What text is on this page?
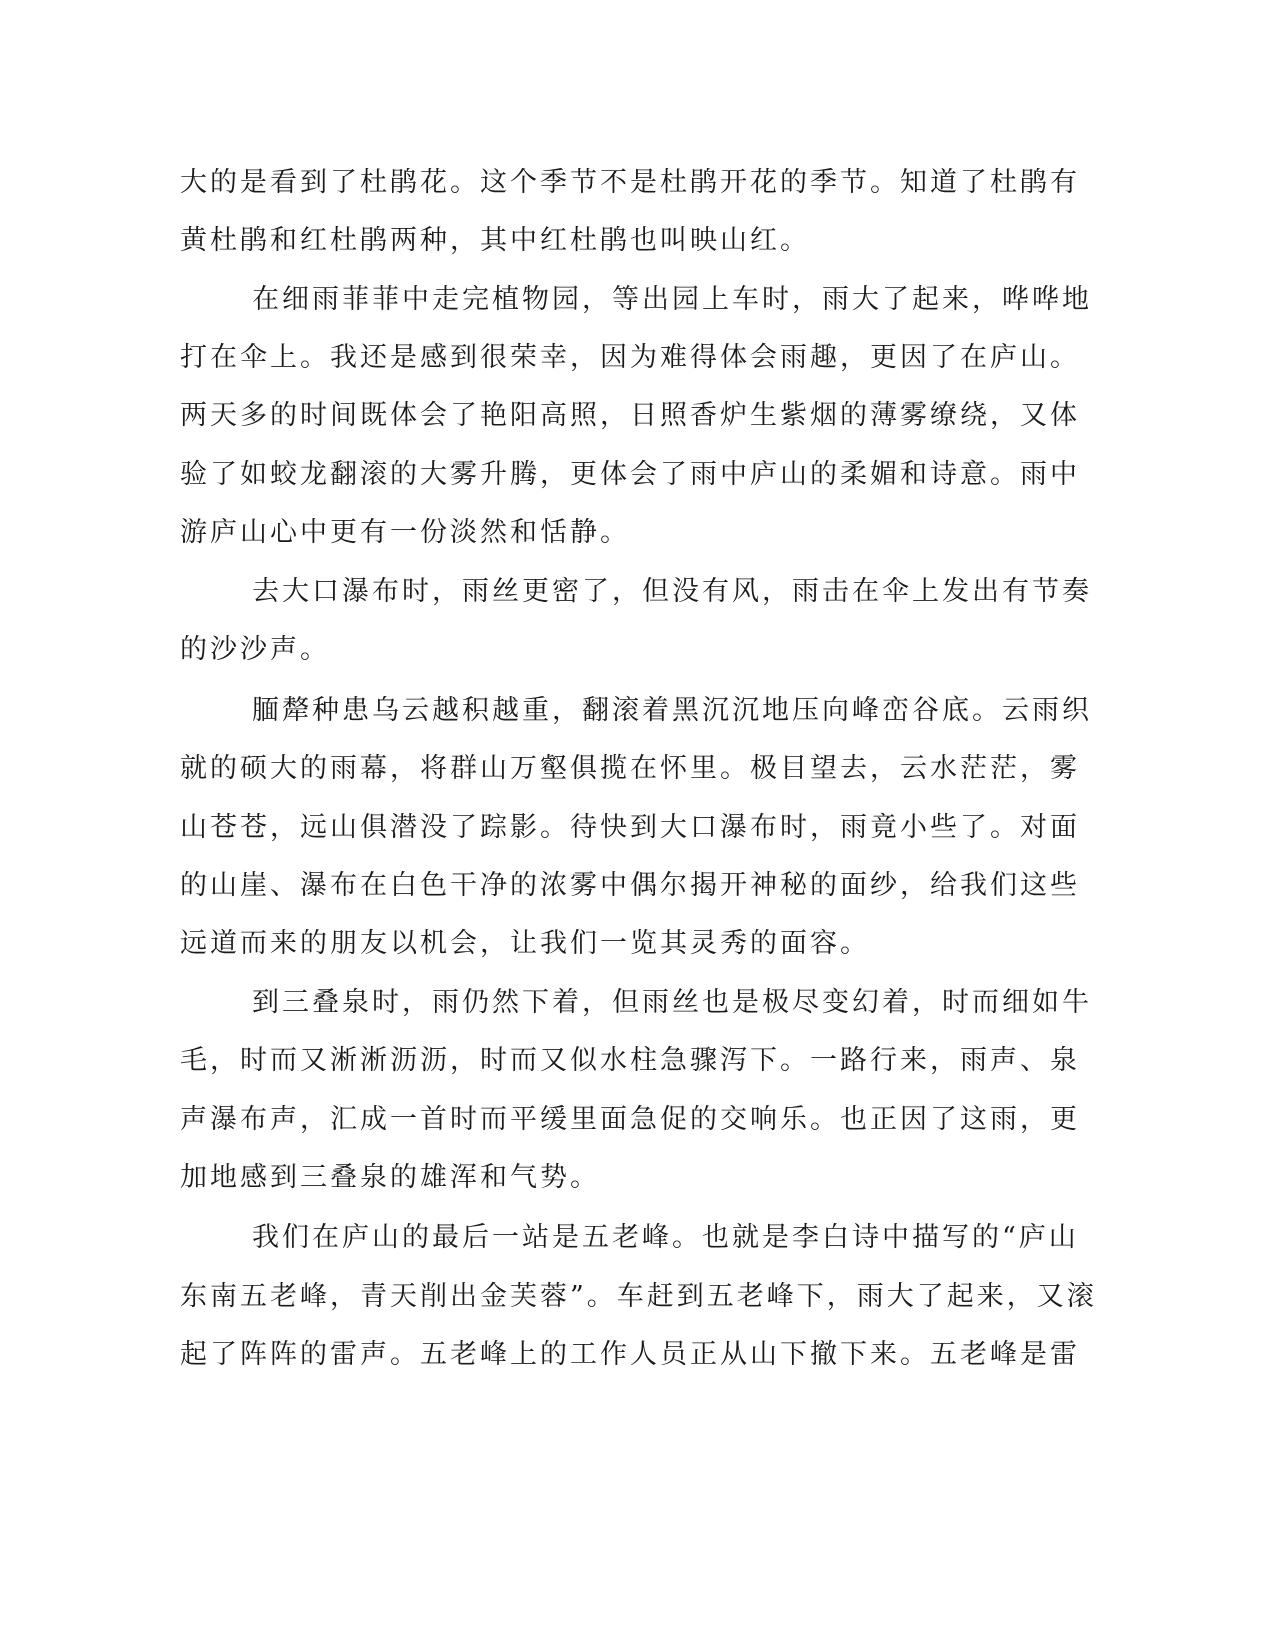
大的是看到了杜鹃花。这个季节不是杜鹃开花的季节。知道了杜鹃有
黄杜鹃和红杜鹃两种，其中红杜鹃也叫映山红。
在细雨菲菲中走完植物园，等出园上车时，雨大了起来，哗哗地
打在伞上。我还是感到很荣幸，因为难得体会雨趣，更因了在庐山。
两天多的时间既体会了艳阳高照，日照香炉生紫烟的薄雾缭绕，又体
验了如蛟龙翻滚的大雾升腾，更体会了雨中庐山的柔媚和诗意。雨中
游庐山心中更有一份淡然和恬静。
去大口瀑布时，雨丝更密了，但没有风，雨击在伞上发出有节奏
的沙沙声。
腼犛种患乌云越积越重，翻滚着黑沉沉地压向峰峦谷底。云雨织
就的硕大的雨幕，将群山万壑俱揽在怀里。极目望去，云水茫茫，雾
山苍苍，远山俱潜没了踪影。待快到大口瀑布时，雨竟小些了。对面
的山崖、瀑布在白色干净的浓雾中偶尔揭开神秘的面纱，给我们这些
远道而来的朋友以机会，让我们一览其灵秀的面容。
到三叠泉时，雨仍然下着，但雨丝也是极尽变幻着，时而细如牛
毛，时而又淅淅沥沥，时而又似水柱急骤泻下。一路行来，雨声、泉
声瀑布声，汇成一首时而平缓里面急促的交响乐。也正因了这雨，更
加地感到三叠泉的雄浑和气势。
我们在庐山的最后一站是五老峰。也就是李白诗中描写的“庐山
东南五老峰，青天削出金芙蓉”。车赶到五老峰下，雨大了起来，又滚
起了阵阵的雷声。五老峰上的工作人员正从山下撤下来。五老峰是雷
